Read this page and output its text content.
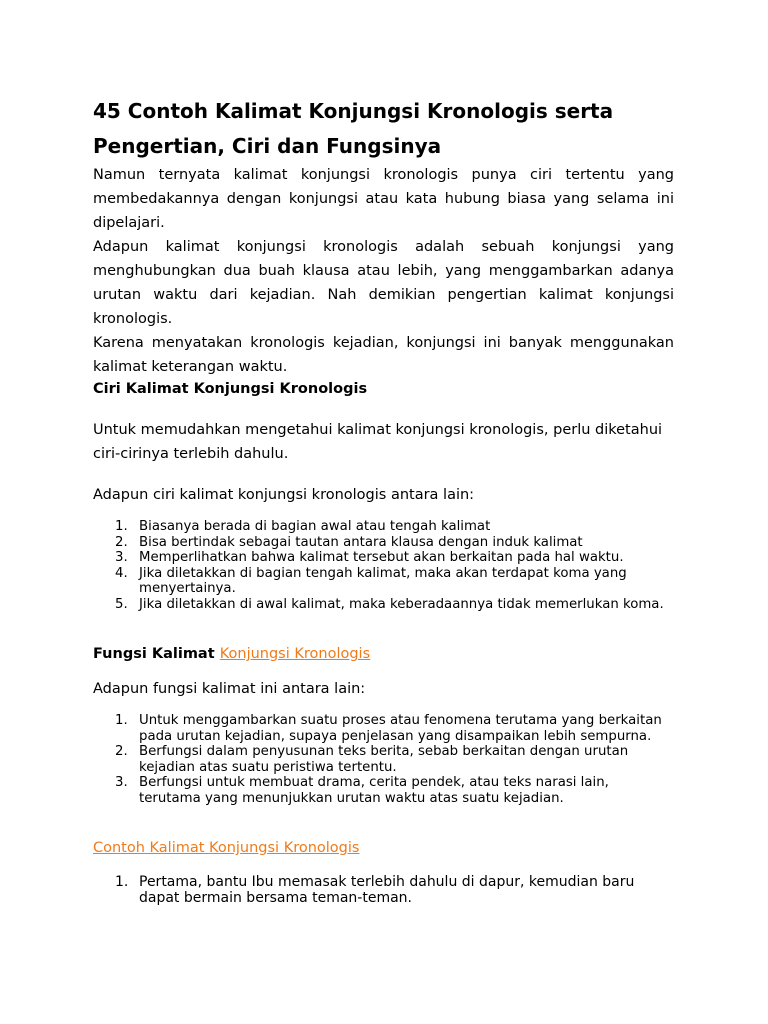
45 Contoh Kalimat Konjungsi Kronologis serta Pengertian, Ciri dan Fungsinya

Namun ternyata kalimat konjungsi kronologis punya ciri tertentu yang membedakannya dengan konjungsi atau kata hubung biasa yang selama ini dipelajari.

Adapun kalimat konjungsi kronologis adalah sebuah konjungsi yang menghubungkan dua buah klausa atau lebih, yang menggambarkan adanya urutan waktu dari kejadian. Nah demikian pengertian kalimat konjungsi kronologis.

Karena menyatakan kronologis kejadian, konjungsi ini banyak menggunakan kalimat keterangan waktu.

Ciri Kalimat Konjungsi Kronologis

Untuk memudahkan mengetahui kalimat konjungsi kronologis, perlu diketahui ciri-cirinya terlebih dahulu.

Adapun ciri kalimat konjungsi kronologis antara lain:

1. Biasanya berada di bagian awal atau tengah kalimat
2. Bisa bertindak sebagai tautan antara klausa dengan induk kalimat
3. Memperlihatkan bahwa kalimat tersebut akan berkaitan pada hal waktu.
4. Jika diletakkan di bagian tengah kalimat, maka akan terdapat koma yang menyertainya.
5. Jika diletakkan di awal kalimat, maka keberadaannya tidak memerlukan koma.
Fungsi Kalimat Konjungsi Kronologis

Adapun fungsi kalimat ini antara lain:

1. Untuk menggambarkan suatu proses atau fenomena terutama yang berkaitan pada urutan kejadian, supaya penjelasan yang disampaikan lebih sempurna.
2. Berfungsi dalam penyusunan teks berita, sebab berkaitan dengan urutan kejadian atas suatu peristiwa tertentu.
3. Berfungsi untuk membuat drama, cerita pendek, atau teks narasi lain, terutama yang menunjukkan urutan waktu atas suatu kejadian.

Contoh Kalimat Konjungsi Kronologis

1. Pertama, bantu Ibu memasak terlebih dahulu di dapur, kemudian baru dapat bermain bersama teman-teman.
